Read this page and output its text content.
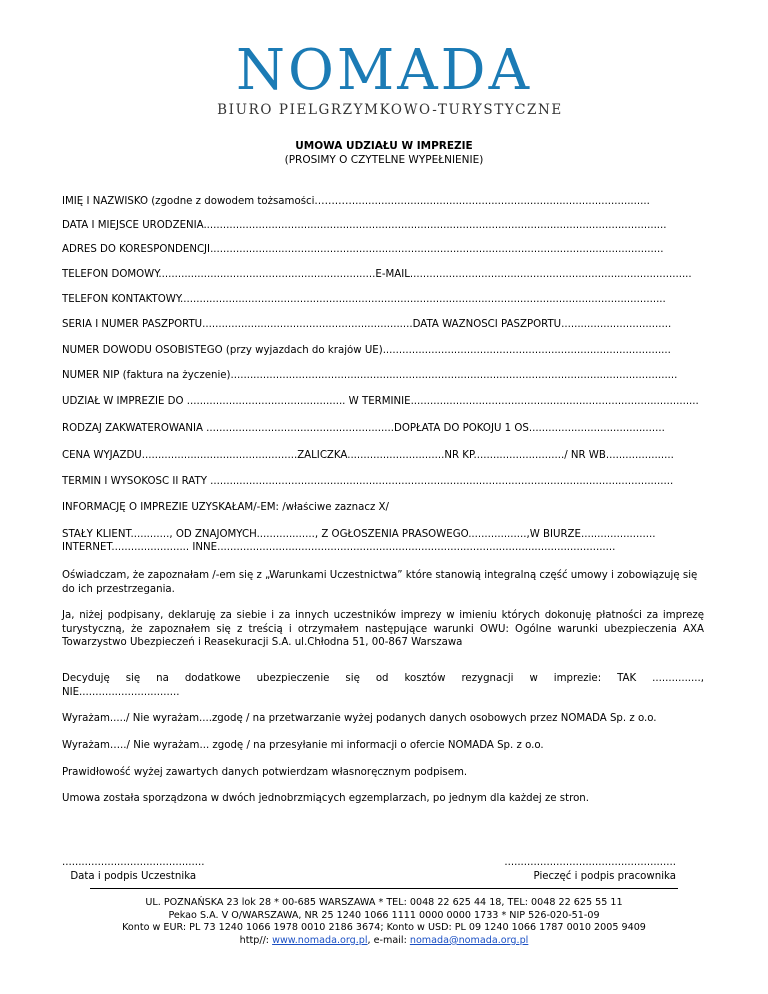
NOMADA
BIURO PIELGRZYMKOWO-TURYSTYCZNE
UMOWA UDZIAŁU W IMPREZIE
(PROSIMY O CZYTELNE WYPEŁNIENIE)
IMIĘ I NAZWISKO (zgodne z dowodem tożsamości…………...........................................................................................
DATA I MIEJSCE URODZENIA...............................................................................................................................................
ADRES DO KORESPONDENCJI............................................................................................................................................
TELEFON DOMOWY...................................................................E-MAIL.......................................................................................
TELEFON KONTAKTOWY......................................................................................................................................................
SERIA I NUMER PASZPORTU.................................................................DATA WAŻNOŚCI PASZPORTU..................................
NUMER DOWODU OSOBISTEGO (przy wyjazdach do krajów UE).........................................................................................
NUMER NIP (faktura na życzenie)..........................................................................................................................................
UDZIAŁ W IMPREZIE DO ................................................. W TERMINIE.........................................................................................
RODZAJ ZAKWATEROWANIA ..........................................................DOPŁATA DO POKOJU 1 OS..........................................
CENA WYJAZDU................................................ZALICZKA..............................NR KP............................/ NR WB.....................
TERMIN I WYSOKOŚĆ II RATY ...............................................................................................................................................
INFORMACJĘ O IMPREZIE UZYSKAŁAM/-EM: /właściwe zaznacz X/
STAŁY KLIENT............, OD ZNAJOMYCH.................., Z OGŁOSZENIA PRASOWEGO..................,W BIURZE.......................
INTERNET........................ INNE...........................................................................................................................
Oświadczam, że zapoznałam /-em się z „Warunkami Uczestnictwa” które stanowią integralną część umowy i zobowiązuję się do ich przestrzegania.
Ja, niżej podpisany, deklaruję za siebie i za innych uczestników imprezy w imieniu których dokonuję płatności za imprezę turystyczną, że zapoznałem się z treścią i otrzymałem następujące warunki OWU: Ogólne warunki ubezpieczenia AXA Towarzystwo Ubezpieczeń i Reasekuracji S.A. ul.Chłodna 51, 00-867 Warszawa
Decyduję się na dodatkowe ubezpieczenie się od kosztów rezygnacji w imprezie: TAK ...............,
NIE...............................
Wyrażam...../ Nie wyrażam....zgodę / na przetwarzanie wyżej podanych danych osobowych przez NOMADA Sp. z o.o.
Wyrażam…../ Nie wyrażam... zgodę / na przesyłanie mi informacji o ofercie NOMADA Sp. z o.o.
Prawidłowość wyżej zawartych danych potwierdzam własnoręcznym podpisem.
Umowa została sporządzona w dwóch jednobrzmiących egzemplarzach, po jednym dla każdej ze stron.
............................................
Data i podpis Uczestnika
.....................................................
Pieczęć i podpis pracownika
UL. POZNAŃSKA 23 lok 28 * 00-685 WARSZAWA * TEL: 0048 22 625 44 18, TEL: 0048 22 625 55 11
Pekao S.A. V O/WARSZAWA, NR 25 1240 1066 1111 0000 0000 1733 * NIP 526-020-51-09
Konto w EUR: PL 73 1240 1066 1978 0010 2186 3674; Konto w USD: PL 09 1240 1066 1787 0010 2005 9409
http//: www.nomada.org.pl, e-mail: nomada@nomada.org.pl
